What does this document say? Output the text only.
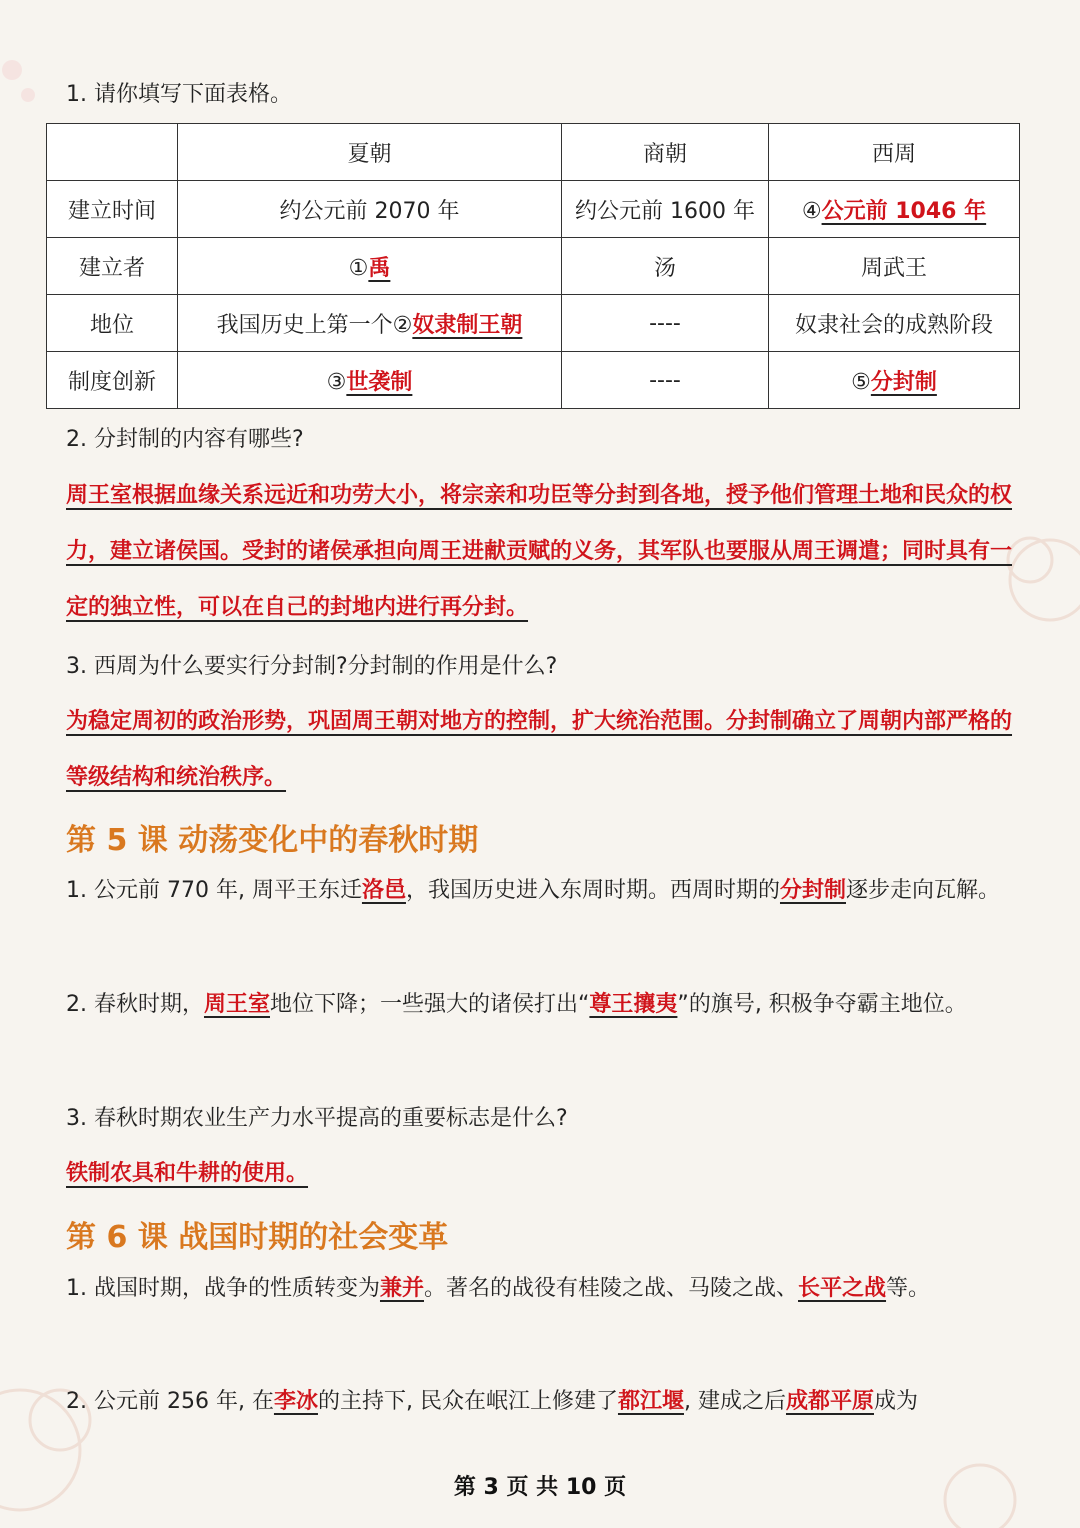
1. 请你填写下面表格。
	夏朝	商朝	西周
建立时间	约公元前 2070 年	约公元前 1600 年	④公元前 1046 年
建立者	①禹	汤	周武王
地位	我国历史上第一个②奴隶制王朝	----	奴隶社会的成熟阶段
制度创新	③世袭制	----	⑤分封制
2. 分封制的内容有哪些?
周王室根据血缘关系远近和功劳大小，将宗亲和功臣等分封到各地，授予他们管理土地和民众的权力，建立诸侯国。受封的诸侯承担向周王进献贡赋的义务，其军队也要服从周王调遣；同时具有一定的独立性，可以在自己的封地内进行再分封。
3. 西周为什么要实行分封制?分封制的作用是什么?
为稳定周初的政治形势，巩固周王朝对地方的控制，扩大统治范围。分封制确立了周朝内部严格的等级结构和统治秩序。
第 5 课 动荡变化中的春秋时期
1. 公元前 770 年, 周平王东迁洛邑，我国历史进入东周时期。西周时期的分封制逐步走向瓦解。
2. 春秋时期，周王室地位下降；一些强大的诸侯打出“尊王攘夷”的旗号, 积极争夺霸主地位。
3. 春秋时期农业生产力水平提高的重要标志是什么?
铁制农具和牛耕的使用。
第 6 课 战国时期的社会变革
1. 战国时期，战争的性质转变为兼并。著名的战役有桂陵之战、马陵之战、长平之战等。
2. 公元前 256 年, 在李冰的主持下, 民众在岷江上修建了都江堰, 建成之后成都平原成为
第 3 页 共 10 页
